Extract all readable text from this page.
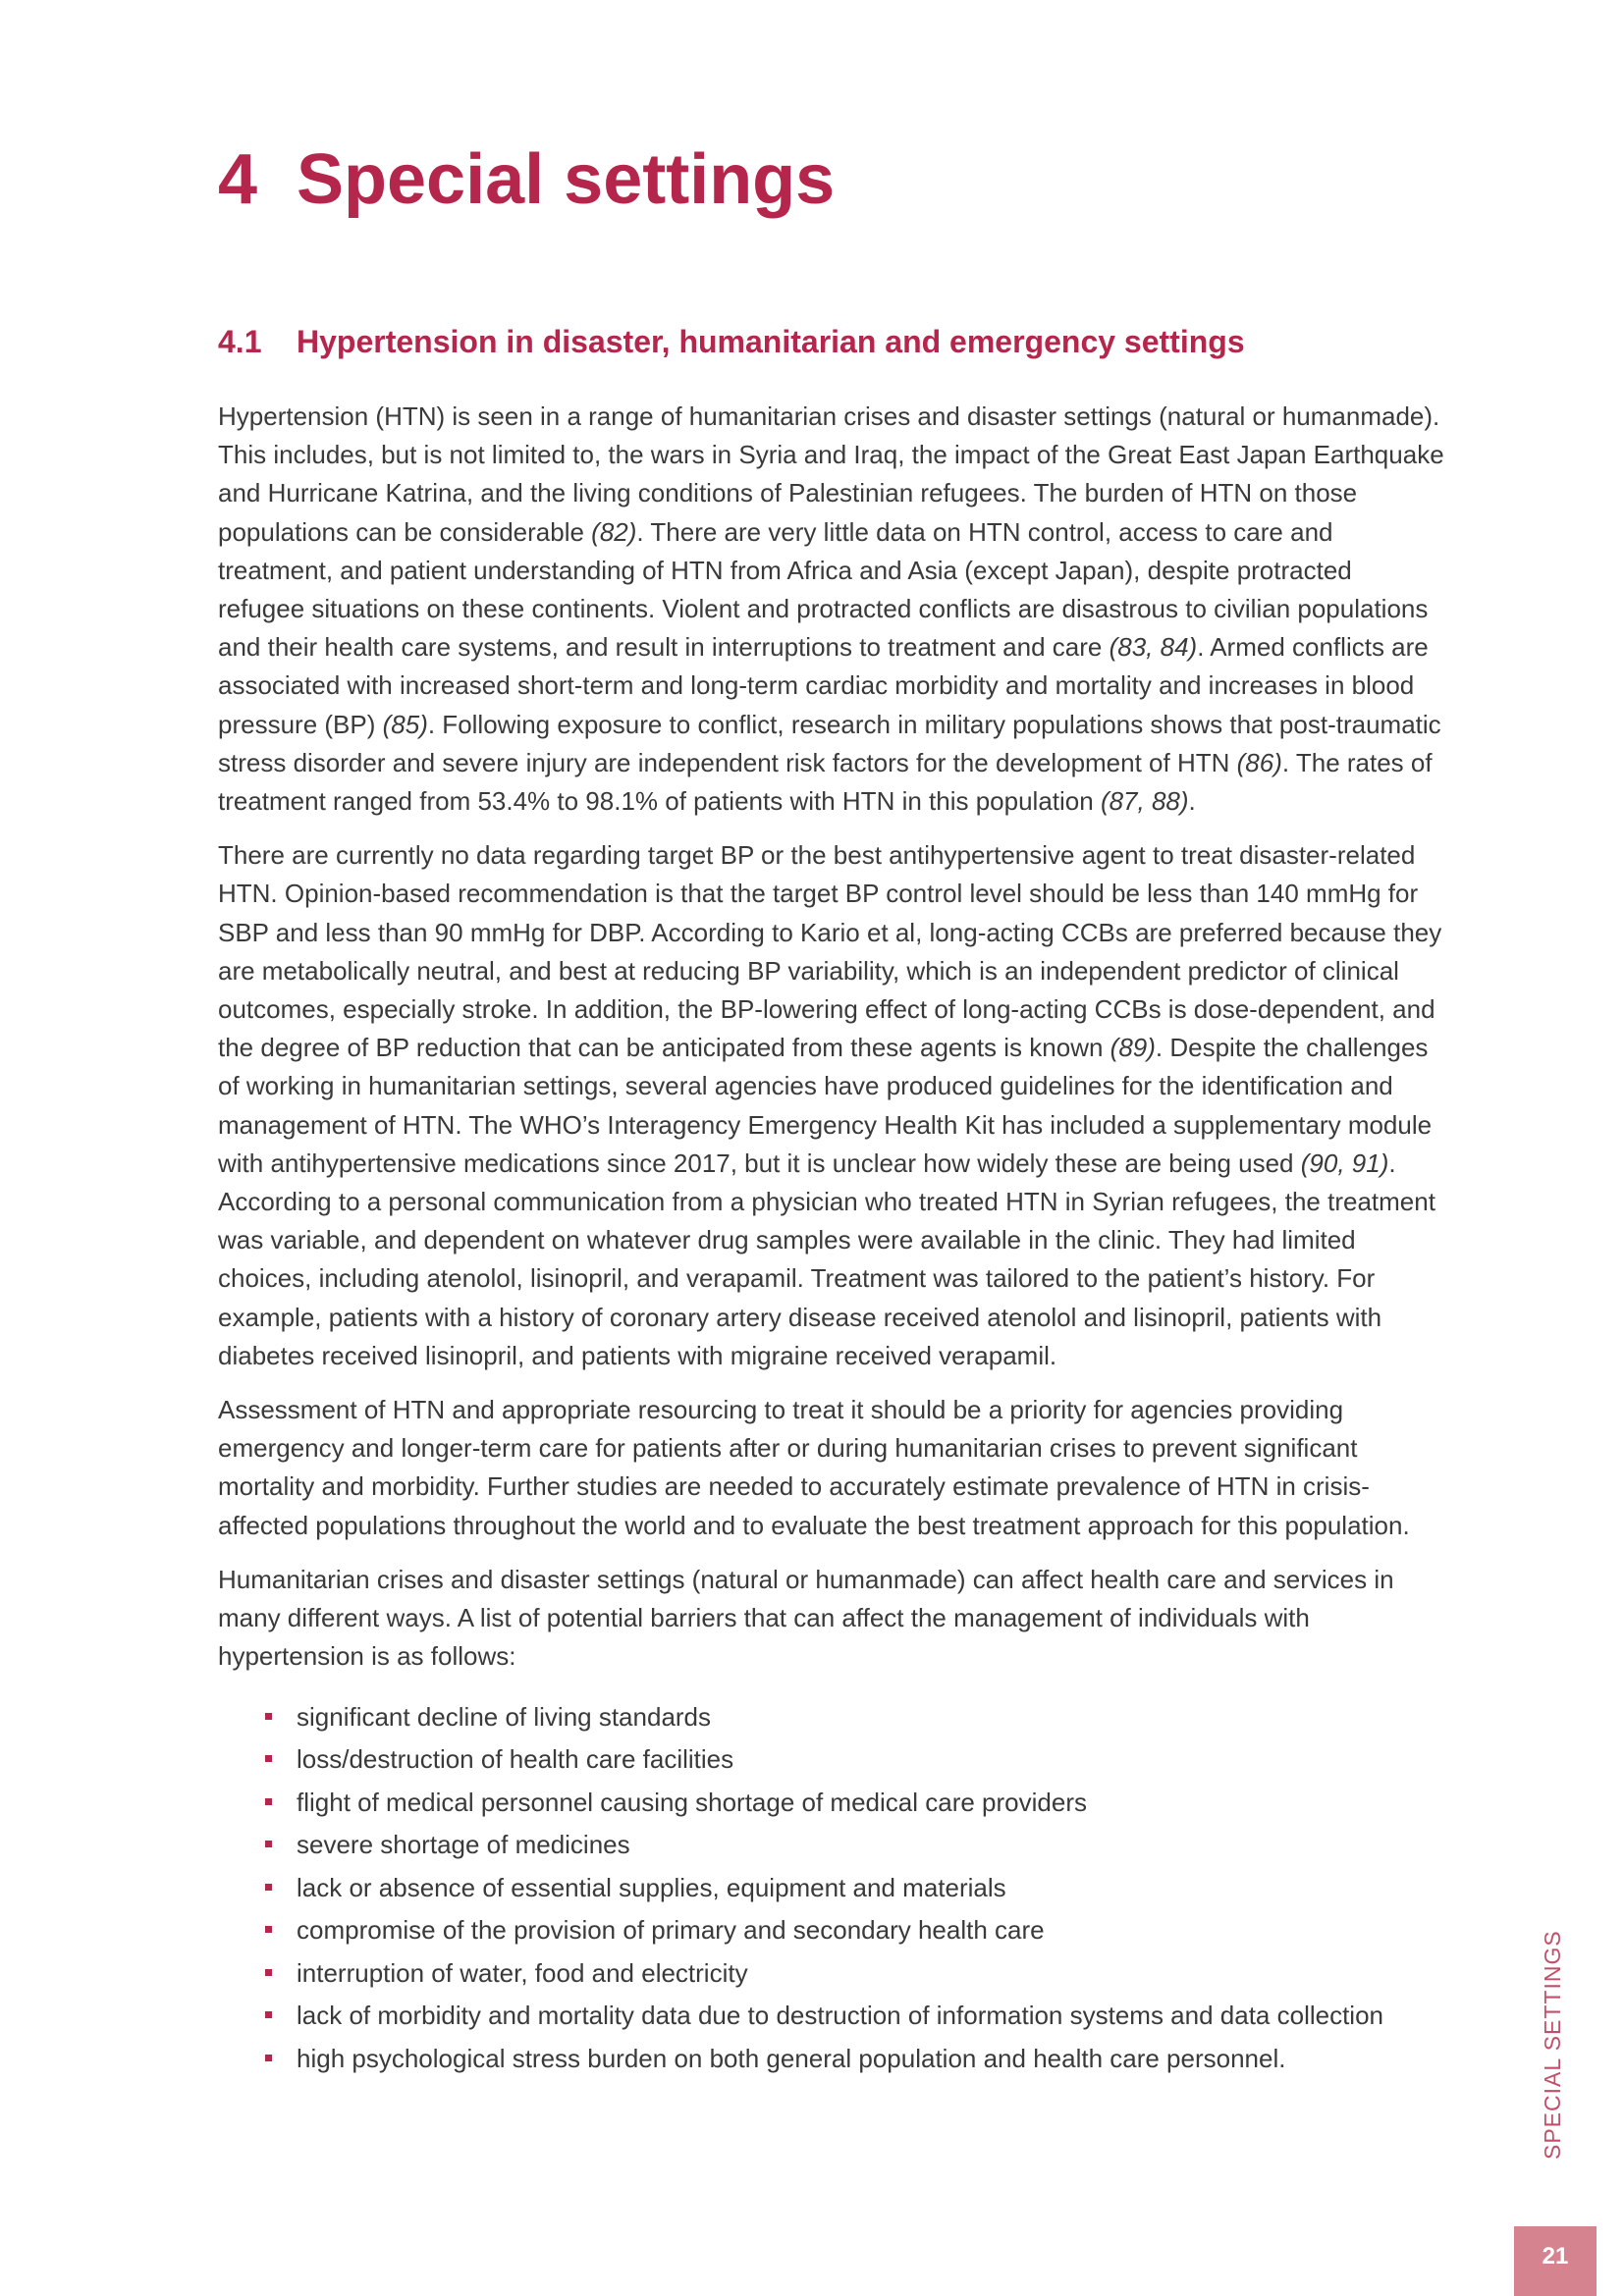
4 Special settings
4.1 Hypertension in disaster, humanitarian and emergency settings

Hypertension (HTN) is seen in a range of humanitarian crises and disaster settings (natural or humanmade). This includes, but is not limited to, the wars in Syria and Iraq, the impact of the Great East Japan Earthquake and Hurricane Katrina, and the living conditions of Palestinian refugees. The burden of HTN on those populations can be considerable (82). There are very little data on HTN control, access to care and treatment, and patient understanding of HTN from Africa and Asia (except Japan), despite protracted refugee situations on these continents. Violent and protracted conflicts are disastrous to civilian populations and their health care systems, and result in interruptions to treatment and care (83, 84). Armed conflicts are associated with increased short-term and long-term cardiac morbidity and mortality and increases in blood pressure (BP) (85). Following exposure to conflict, research in military populations shows that post-traumatic stress disorder and severe injury are independent risk factors for the development of HTN (86). The rates of treatment ranged from 53.4% to 98.1% of patients with HTN in this population (87, 88).

There are currently no data regarding target BP or the best antihypertensive agent to treat disaster-related HTN. Opinion-based recommendation is that the target BP control level should be less than 140 mmHg for SBP and less than 90 mmHg for DBP. According to Kario et al, long-acting CCBs are preferred because they are metabolically neutral, and best at reducing BP variability, which is an independent predictor of clinical outcomes, especially stroke. In addition, the BP-lowering effect of long-acting CCBs is dose-dependent, and the degree of BP reduction that can be anticipated from these agents is known (89). Despite the challenges of working in humanitarian settings, several agencies have produced guidelines for the identification and management of HTN. The WHO’s Interagency Emergency Health Kit has included a supplementary module with antihypertensive medications since 2017, but it is unclear how widely these are being used (90, 91). According to a personal communication from a physician who treated HTN in Syrian refugees, the treatment was variable, and dependent on whatever drug samples were available in the clinic. They had limited choices, including atenolol, lisinopril, and verapamil. Treatment was tailored to the patient’s history. For example, patients with a history of coronary artery disease received atenolol and lisinopril, patients with diabetes received lisinopril, and patients with migraine received verapamil.

Assessment of HTN and appropriate resourcing to treat it should be a priority for agencies providing emergency and longer-term care for patients after or during humanitarian crises to prevent significant mortality and morbidity. Further studies are needed to accurately estimate prevalence of HTN in crisis-affected populations throughout the world and to evaluate the best treatment approach for this population.

Humanitarian crises and disaster settings (natural or humanmade) can affect health care and services in many different ways. A list of potential barriers that can affect the management of individuals with hypertension is as follows:

significant decline of living standards
loss/destruction of health care facilities
flight of medical personnel causing shortage of medical care providers
severe shortage of medicines
lack or absence of essential supplies, equipment and materials
compromise of the provision of primary and secondary health care
interruption of water, food and electricity
lack of morbidity and mortality data due to destruction of information systems and data collection
high psychological stress burden on both general population and health care personnel.	SPECIAL SETTINGS
21
